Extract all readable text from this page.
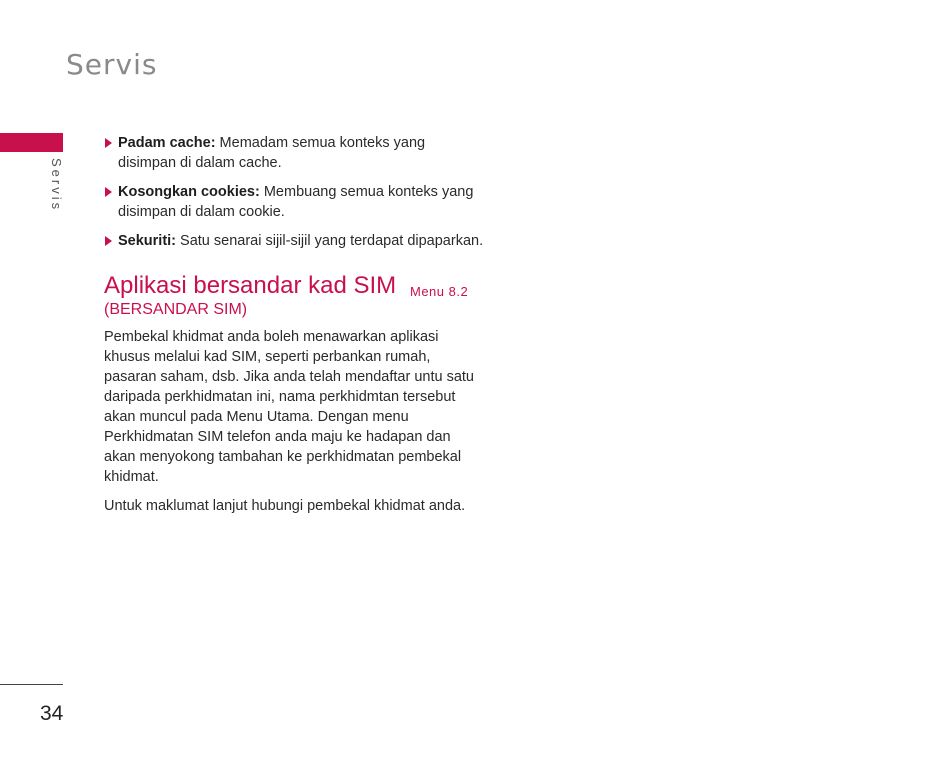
Servis
Servis
Padam cache: Memadam semua konteks yang disimpan di dalam cache.
Kosongkan cookies: Membuang semua konteks yang disimpan di dalam cookie.
Sekuriti: Satu senarai sijil-sijil yang terdapat dipaparkan.
Aplikasi bersandar kad SIM Menu 8.2
(BERSANDAR SIM)

Pembekal khidmat anda boleh menawarkan aplikasi khusus melalui kad SIM, seperti perbankan rumah, pasaran saham, dsb. Jika anda telah mendaftar untu satu daripada perkhidmatan ini, nama perkhidmtan tersebut akan muncul pada Menu Utama. Dengan menu Perkhidmatan SIM telefon anda maju ke hadapan dan akan menyokong tambahan ke perkhidmatan pembekal khidmat.

Untuk maklumat lanjut hubungi pembekal khidmat anda.

34
